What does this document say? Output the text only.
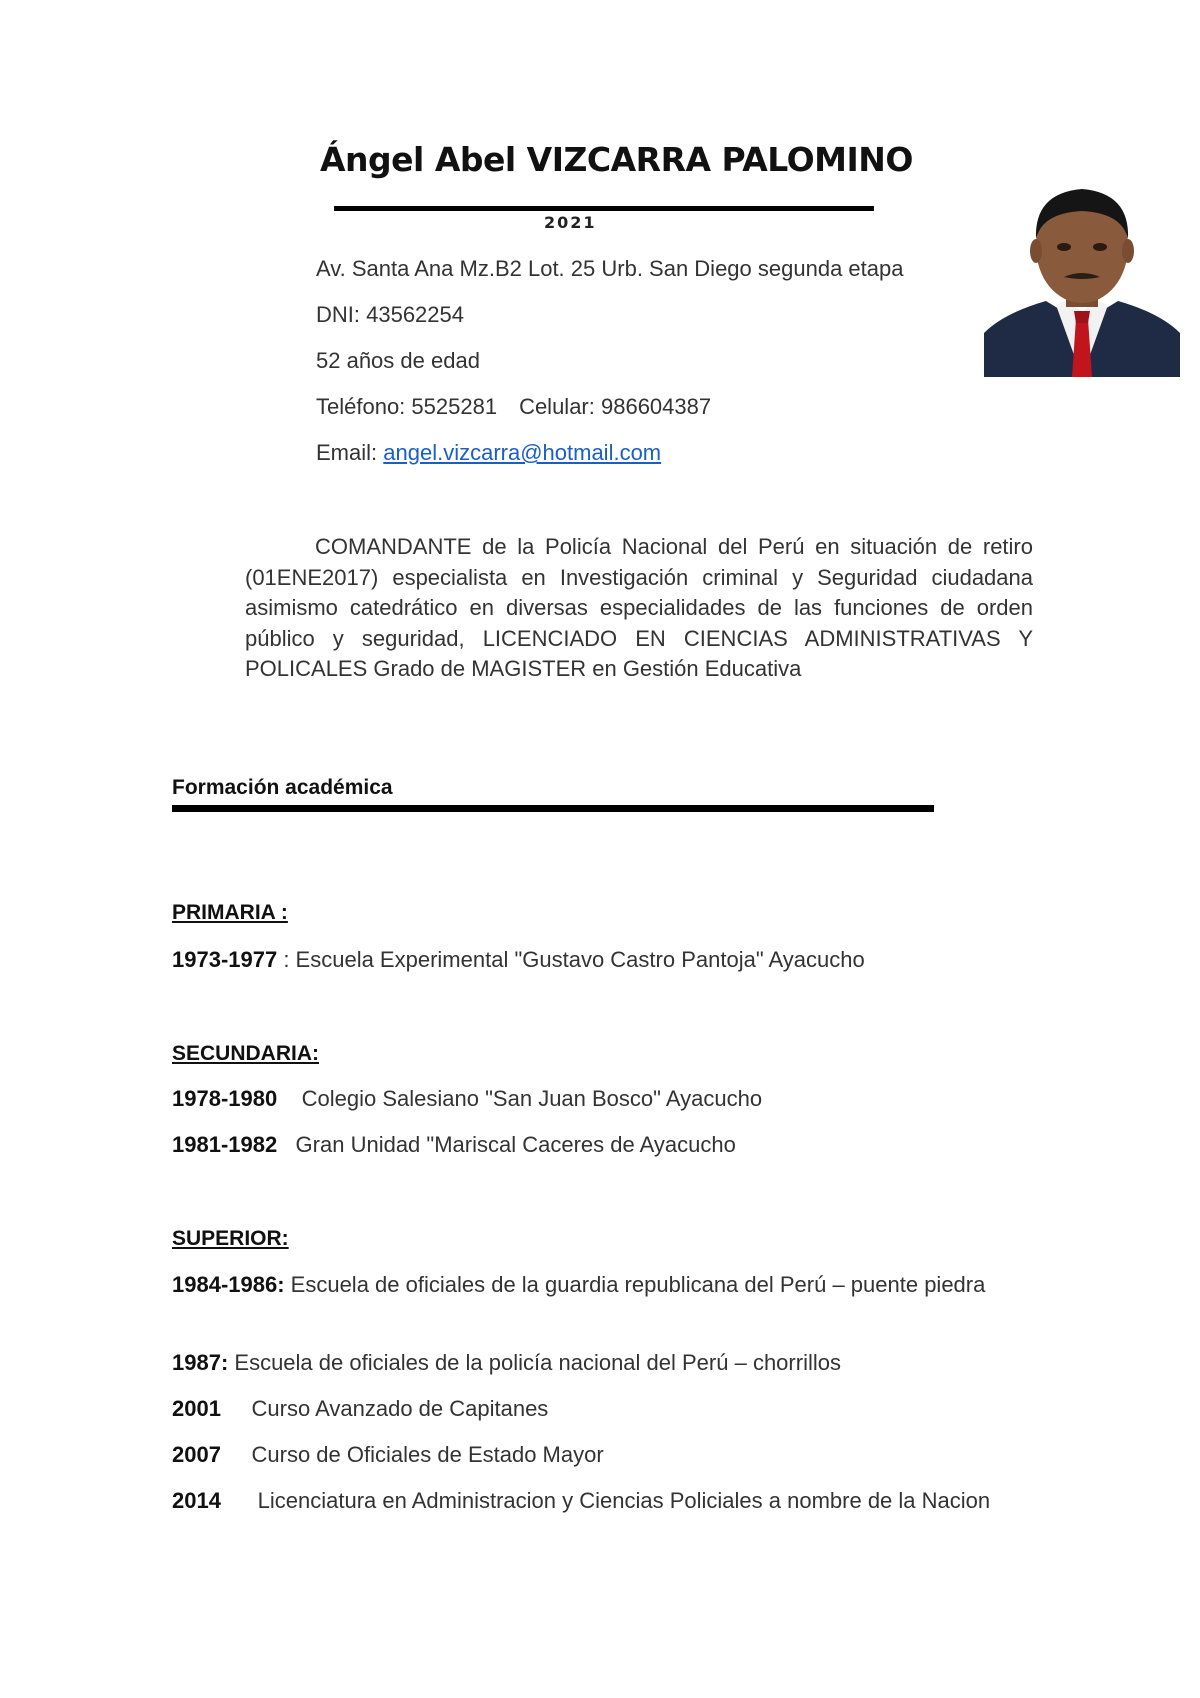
Ángel Abel VIZCARRA PALOMINO
2021
Av. Santa Ana Mz.B2 Lot. 25 Urb. San Diego segunda etapa
DNI: 43562254
52 años de edad
Teléfono: 5525281 Celular: 986604387
Email: angel.vizcarra@hotmail.com
COMANDANTE de la Policía Nacional del Perú en situación de retiro (01ENE2017) especialista en Investigación criminal y Seguridad ciudadana asimismo catedrático en diversas especialidades de las funciones de orden público y seguridad, LICENCIADO EN CIENCIAS ADMINISTRATIVAS Y POLICALES Grado de MAGISTER en Gestión Educativa
Formación académica
PRIMARIA :
1973-1977 : Escuela Experimental "Gustavo Castro Pantoja" Ayacucho
SECUNDARIA:
1978-1980    Colegio Salesiano "San Juan Bosco" Ayacucho
1981-1982   Gran Unidad "Mariscal Caceres de Ayacucho
SUPERIOR:
1984-1986: Escuela de oficiales de la guardia republicana del Perú – puente piedra
1987: Escuela de oficiales de la policía nacional del Perú – chorrillos
2001     Curso Avanzado de Capitanes
2007     Curso de Oficiales de Estado Mayor
2014      Licenciatura en Administracion y Ciencias Policiales a nombre de la Nacion
